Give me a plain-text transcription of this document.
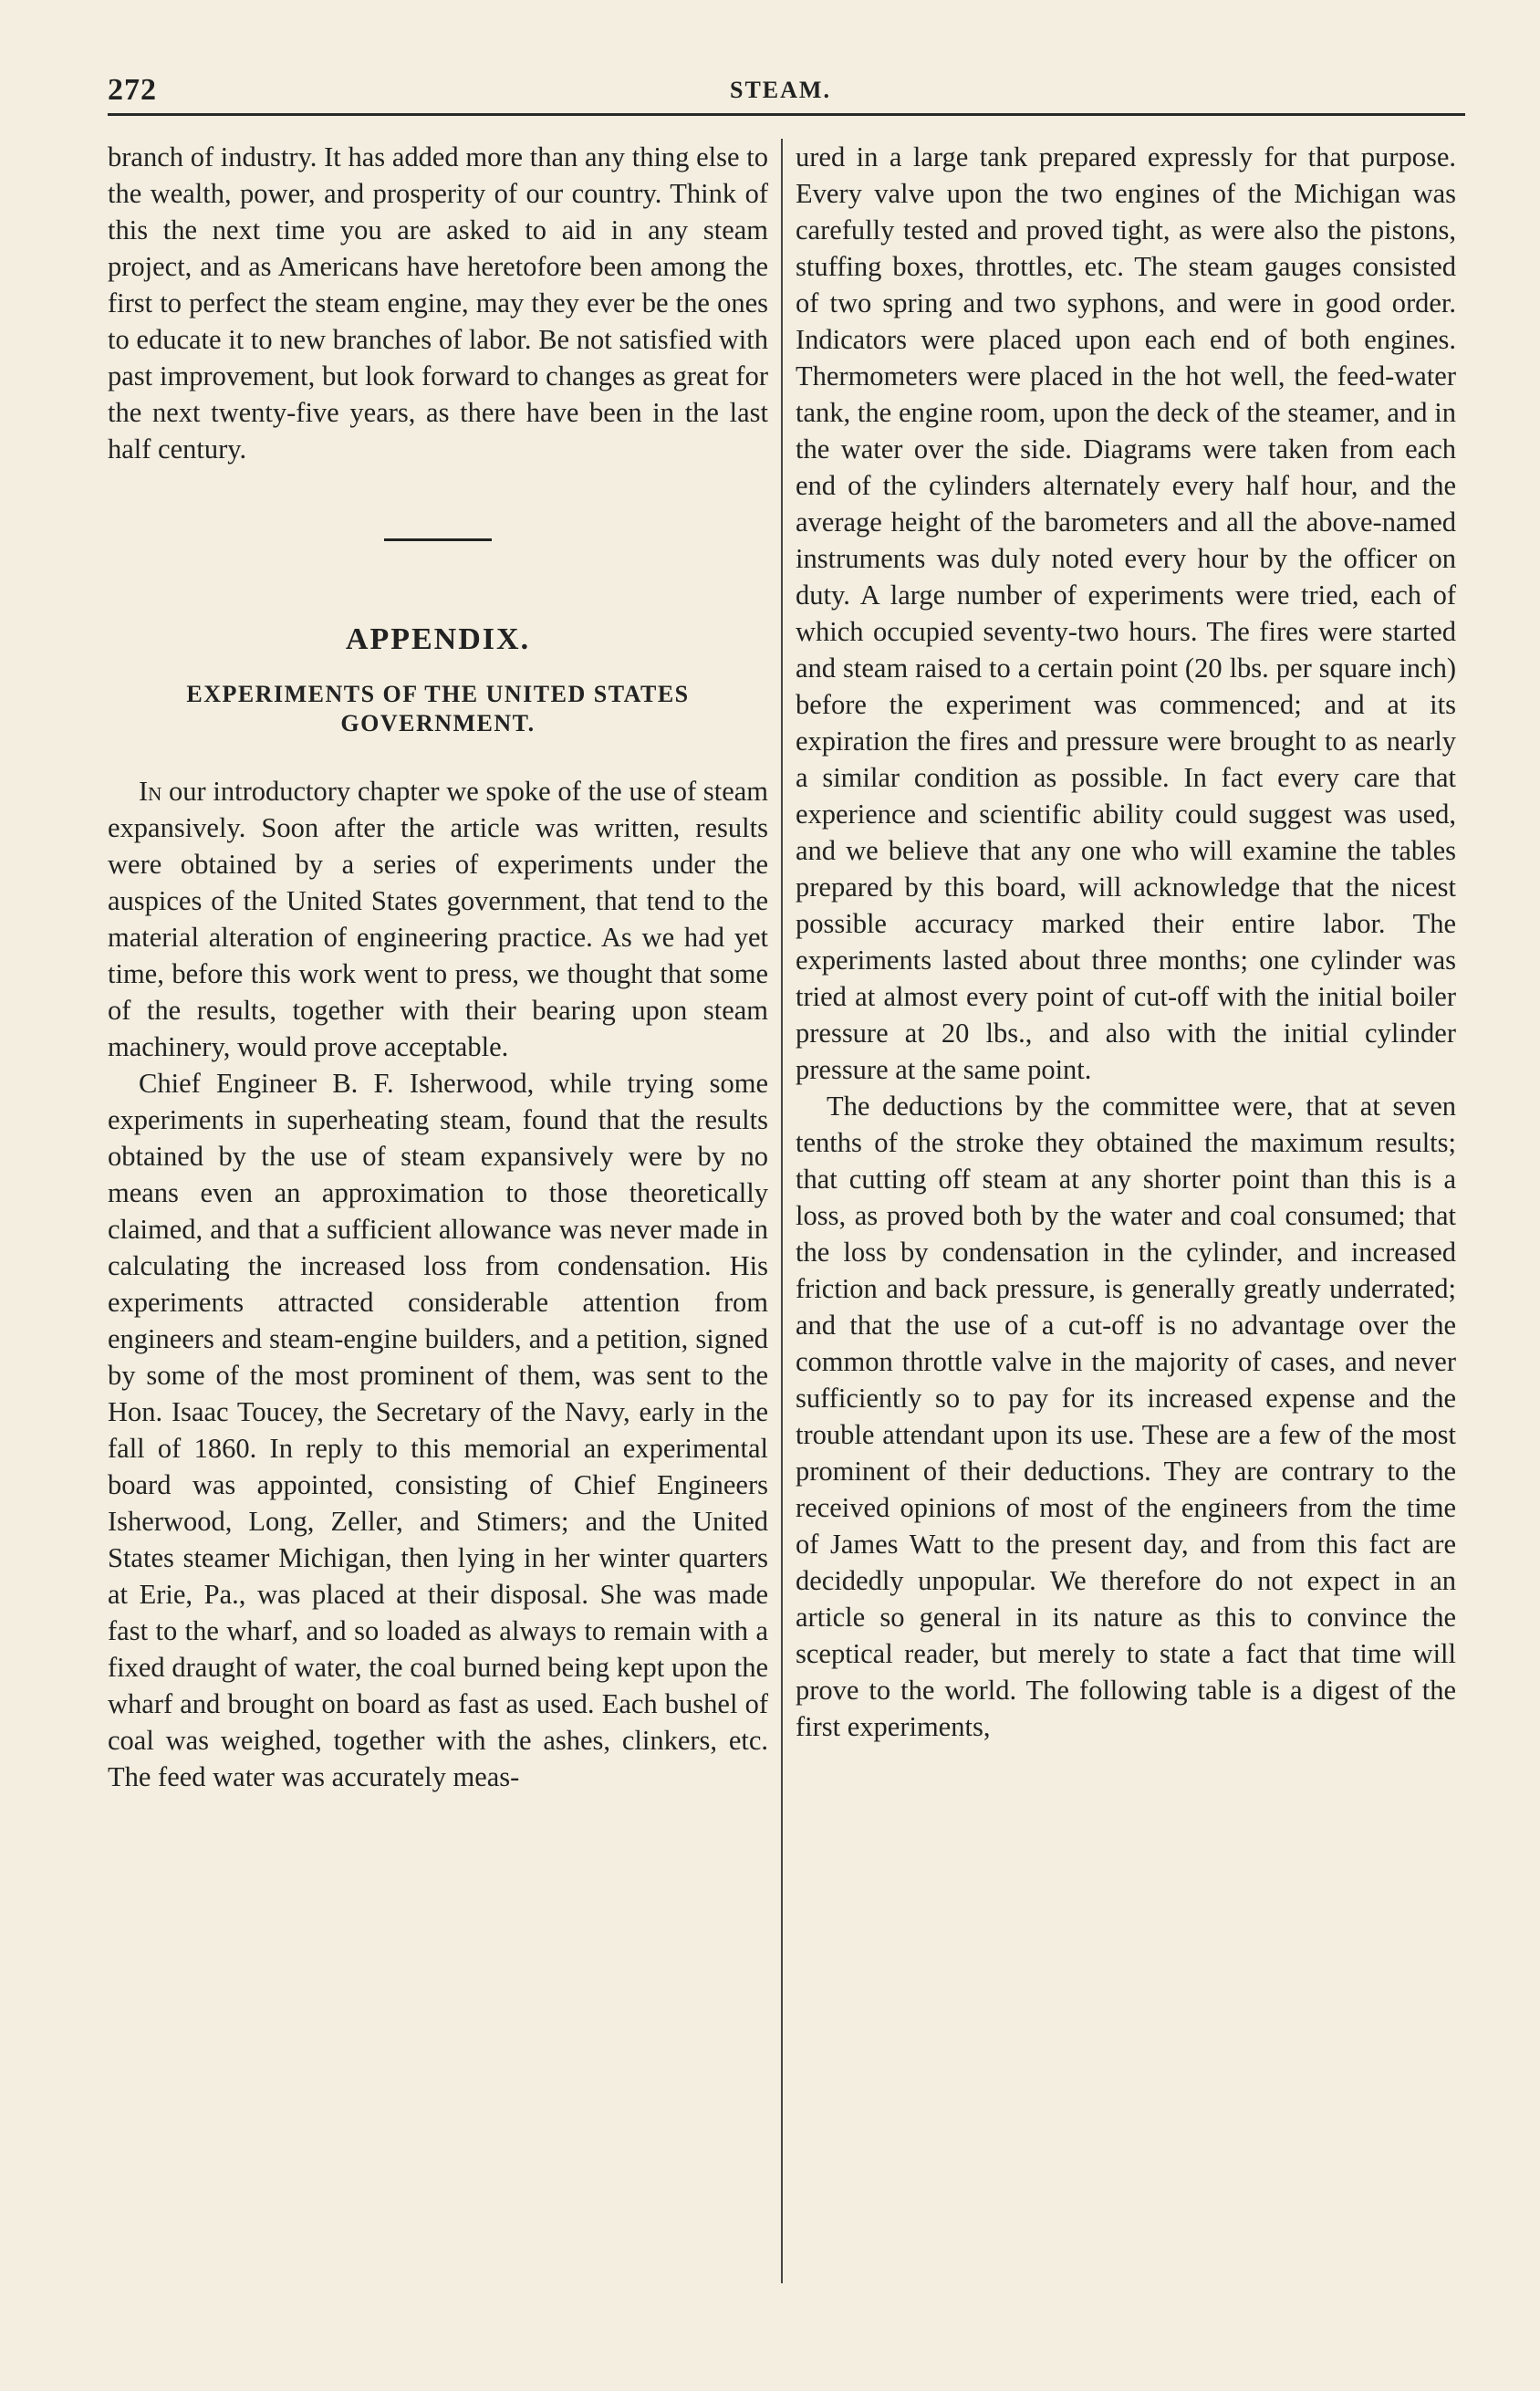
272	STEAM.

branch of industry. It has added more than any thing else to the wealth, power, and prosperity of our country. Think of this the next time you are asked to aid in any steam project, and as Americans have heretofore been among the first to perfect the steam engine, may they ever be the ones to educate it to new branches of labor. Be not satisfied with past improvement, but look forward to changes as great for the next twenty-five years, as there have been in the last half century.

APPENDIX.
EXPERIMENTS OF THE UNITED STATES GOVERNMENT.

In our introductory chapter we spoke of the use of steam expansively. Soon after the article was written, results were obtained by a series of experiments under the auspices of the United States government, that tend to the material alteration of engineering practice. As we had yet time, before this work went to press, we thought that some of the results, together with their bearing upon steam machinery, would prove acceptable.

Chief Engineer B. F. Isherwood, while trying some experiments in superheating steam, found that the results obtained by the use of steam expansively were by no means even an approximation to those theoretically claimed, and that a sufficient allowance was never made in calculating the increased loss from condensation. His experiments attracted considerable attention from engineers and steam-engine builders, and a petition, signed by some of the most prominent of them, was sent to the Hon. Isaac Toucey, the Secretary of the Navy, early in the fall of 1860. In reply to this memorial an experimental board was appointed, consisting of Chief Engineers Isherwood, Long, Zeller, and Stimers; and the United States steamer Michigan, then lying in her winter quarters at Erie, Pa., was placed at their disposal. She was made fast to the wharf, and so loaded as always to remain with a fixed draught of water, the coal burned being kept upon the wharf and brought on board as fast as used. Each bushel of coal was weighed, together with the ashes, clinkers, etc. The feed water was accurately meas-

ured in a large tank prepared expressly for that purpose. Every valve upon the two engines of the Michigan was carefully tested and proved tight, as were also the pistons, stuffing boxes, throttles, etc. The steam gauges consisted of two spring and two syphons, and were in good order. Indicators were placed upon each end of both engines. Thermometers were placed in the hot well, the feed-water tank, the engine room, upon the deck of the steamer, and in the water over the side. Diagrams were taken from each end of the cylinders alternately every half hour, and the average height of the barometers and all the above-named instruments was duly noted every hour by the officer on duty. A large number of experiments were tried, each of which occupied seventy-two hours. The fires were started and steam raised to a certain point (20 lbs. per square inch) before the experiment was commenced; and at its expiration the fires and pressure were brought to as nearly a similar condition as possible. In fact every care that experience and scientific ability could suggest was used, and we believe that any one who will examine the tables prepared by this board, will acknowledge that the nicest possible accuracy marked their entire labor. The experiments lasted about three months; one cylinder was tried at almost every point of cut-off with the initial boiler pressure at 20 lbs., and also with the initial cylinder pressure at the same point.

The deductions by the committee were, that at seven tenths of the stroke they obtained the maximum results; that cutting off steam at any shorter point than this is a loss, as proved both by the water and coal consumed; that the loss by condensation in the cylinder, and increased friction and back pressure, is generally greatly underrated; and that the use of a cut-off is no advantage over the common throttle valve in the majority of cases, and never sufficiently so to pay for its increased expense and the trouble attendant upon its use. These are a few of the most prominent of their deductions. They are contrary to the received opinions of most of the engineers from the time of James Watt to the present day, and from this fact are decidedly unpopular. We therefore do not expect in an article so general in its nature as this to convince the sceptical reader, but merely to state a fact that time will prove to the world. The following table is a digest of the first experiments,
